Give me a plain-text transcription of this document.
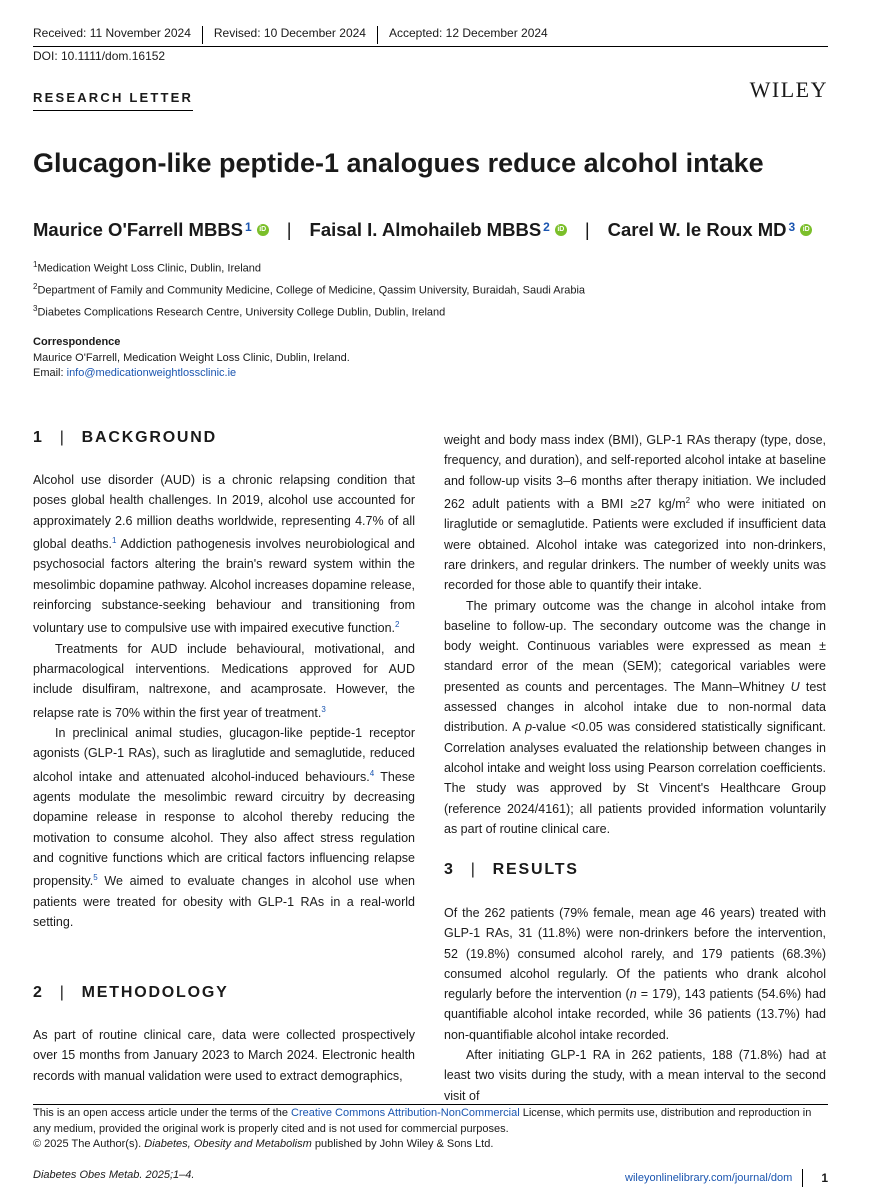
Received: 11 November 2024	Revised: 10 December 2024	Accepted: 12 December 2024
DOI: 10.1111/dom.16152
RESEARCH LETTER	WILEY
Glucagon-like peptide-1 analogues reduce alcohol intake
Maurice O'Farrell MBBS$^1$	iD | Faisal I. Almohaileb MBBS$^2$	iD | Carel W. le Roux $MD^3$	iD
$^1$Medication Weight Loss Clinic, Dublin, Ireland
$^2$Department of Family and Community Medicine, College of Medicine, Qassim University, Buraidah, Saudi Arabia
$^3$Diabetes Complications Research Centre, University College Dublin, Dublin, Ireland
Correspondence
Maurice O'Farrell, Medication Weight Loss Clinic, Dublin, Ireland.
Email: info@medicationweightlossclinic.ie
1 | BACKGROUND

Alcohol use disorder (AUD) is a chronic relapsing condition that poses global health challenges. In 2019, alcohol use accounted for approximately 2.6 million deaths worldwide, representing 4.7% of all global deaths.$^1$ Addiction pathogenesis involves neurobiological and psychosocial factors altering the brain's reward system within the mesolimbic dopamine pathway. Alcohol increases dopamine release, reinforcing substance-seeking behaviour and transitioning from voluntary use to compulsive use with impaired executive function.$^2$

Treatments for AUD include behavioural, motivational, and pharmacological interventions. Medications approved for AUD include disulfiram, naltrexone, and acamprosate. However, the relapse rate is 70% within the first year of treatment.$^3$

In preclinical animal studies, glucagon-like peptide-1 receptor agonists (GLP-1 RAs), such as liraglutide and semaglutide, reduced alcohol intake and attenuated alcohol-induced behaviours.$^4$ These agents modulate the mesolimbic reward circuitry by decreasing dopamine release in response to alcohol thereby reducing the motivation to consume alcohol. They also affect stress regulation and cognitive functions which are critical factors influencing relapse propensity.$^5$ We aimed to evaluate changes in alcohol use when patients were treated for obesity with GLP-1 RAs in a real-world setting.

2 | METHODOLOGY

As part of routine clinical care, data were collected prospectively over 15 months from January 2023 to March 2024. Electronic health records with manual validation were used to extract demographics,

weight and body mass index (BMI), GLP-1 RAs therapy (type, dose, frequency, and duration), and self-reported alcohol intake at baseline and follow-up visits 3–6 months after therapy initiation. We included 262 adult patients with a BMI ≥27 $kg/m^2$ who were initiated on liraglutide or semaglutide. Patients were excluded if insufficient data were obtained. Alcohol intake was categorized into non-drinkers, rare drinkers, and regular drinkers. The number of weekly units was recorded for those able to quantify their intake.

The primary outcome was the change in alcohol intake from baseline to follow-up. The secondary outcome was the change in body weight. Continuous variables were expressed as mean ± standard error of the mean (SEM); categorical variables were presented as counts and percentages. The Mann–Whitney U test assessed changes in alcohol intake due to non-normal data distribution. A p-value <0.05 was considered statistically significant. Correlation analyses evaluated the relationship between changes in alcohol intake and weight loss using Pearson correlation coefficients. The study was approved by St Vincent's Healthcare Group (reference 2024/4161); all patients provided information voluntarily as part of routine clinical care.

3 | RESULTS

Of the 262 patients (79% female, mean age 46 years) treated with GLP-1 RAs, 31 (11.8%) were non-drinkers before the intervention, 52 (19.8%) consumed alcohol rarely, and 179 patients (68.3%) consumed alcohol regularly. Of the patients who drank alcohol regularly before the intervention (n = 179), 143 patients (54.6%) had quantifiable alcohol intake recorded, while 36 patients (13.7%) had non-quantifiable alcohol intake recorded.

After initiating GLP-1 RA in 262 patients, 188 (71.8%) had at least two visits during the study, with a mean interval to the second visit of

This is an open access article under the terms of the Creative Commons Attribution-NonCommercial License, which permits use, distribution and reproduction in any medium, provided the original work is properly cited and is not used for commercial purposes.
© 2025 The Author(s). Diabetes, Obesity and Metabolism published by John Wiley & Sons Ltd.
Diabetes Obes Metab. 2025;1–4.	wileyonlinelibrary.com/journal/dom 1
